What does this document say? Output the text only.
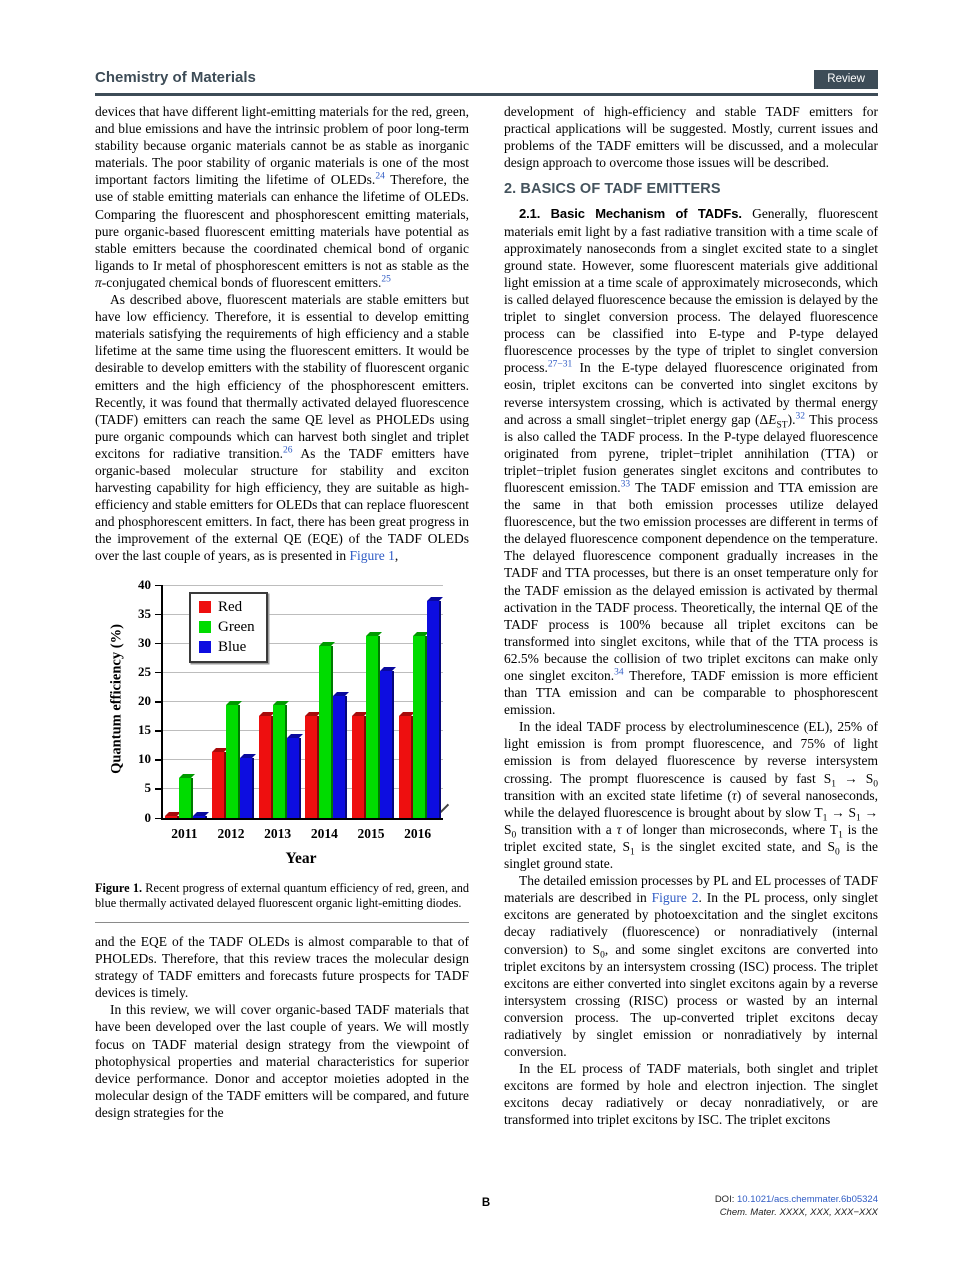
Chemistry of Materials	Review

devices that have different light-emitting materials for the red, green, and blue emissions and have the intrinsic problem of poor long-term stability because organic materials cannot be as stable as inorganic materials. The poor stability of organic materials is one of the most important factors limiting the lifetime of OLEDs.$^{24}$ Therefore, the use of stable emitting materials can enhance the lifetime of OLEDs. Comparing the fluorescent and phosphorescent emitting materials, pure organic-based fluorescent emitting materials have potential as stable emitters because the coordinated chemical bond of organic ligands to Ir metal of phosphorescent emitters is not as stable as the π-conjugated chemical bonds of fluorescent emitters.$^{25}$

As described above, fluorescent materials are stable emitters but have low efficiency. Therefore, it is essential to develop emitting materials satisfying the requirements of high efficiency and a stable lifetime at the same time using the fluorescent emitters. It would be desirable to develop emitters with the stability of fluorescent organic emitters and the high efficiency of the phosphorescent emitters. Recently, it was found that thermally activated delayed fluorescence (TADF) emitters can reach the same QE level as PHOLEDs using pure organic compounds which can harvest both singlet and triplet excitons for radiative transition.$^{26}$ As the TADF emitters have organic-based molecular structure for stability and exciton harvesting capability for high efficiency, they are suitable as high-efficiency and stable emitters for OLEDs that can replace fluorescent and phosphorescent emitters. In fact, there has been great progress in the improvement of the external QE (EQE) of the TADF OLEDs over the last couple of years, as is presented in Figure 1,

Quantum efficiency (%)
0
5
10
15
20
25
30
35
40
2011 2012 2013 2014 2015 2016
Year
Red
Green
Blue
Figure 1. Recent progress of external quantum efficiency of red, green, and blue thermally activated delayed fluorescent organic light-emitting diodes.

and the EQE of the TADF OLEDs is almost comparable to that of PHOLEDs. Therefore, that this review traces the molecular design strategy of TADF emitters and forecasts future prospects for TADF devices is timely.

In this review, we will cover organic-based TADF materials that have been developed over the last couple of years. We will mostly focus on TADF material design strategy from the viewpoint of photophysical properties and material characteristics for superior device performance. Donor and acceptor moieties adopted in the molecular design of the TADF emitters will be compared, and future design strategies for the

development of high-efficiency and stable TADF emitters for practical applications will be suggested. Mostly, current issues and problems of the TADF emitters will be discussed, and a molecular design approach to overcome those issues will be described.

2. BASICS OF TADF EMITTERS

2.1. Basic Mechanism of TADFs. Generally, fluorescent materials emit light by a fast radiative transition with a time scale of approximately nanoseconds from a singlet excited state to a singlet ground state. However, some fluorescent materials give additional light emission at a time scale of approximately microseconds, which is called delayed fluorescence because the emission is delayed by the triplet to singlet conversion process. The delayed fluorescence process can be classified into E-type and P-type delayed fluorescence processes by the type of triplet to singlet conversion process.$^{27-31}$ In the E-type delayed fluorescence originated from eosin, triplet excitons can be converted into singlet excitons by reverse intersystem crossing, which is activated by thermal energy and across a small singlet−triplet energy gap $(\Delta E_{ST}).^{32}$ This process is also called the TADF process. In the P-type delayed fluorescence originated from pyrene, triplet−triplet annihilation (TTA) or triplet−triplet fusion generates singlet excitons and contributes to fluorescent emission.$^{33}$ The TADF emission and TTA emission are the same in that both emission processes utilize delayed fluorescence, but the two emission processes are different in terms of the delayed fluorescence component dependence on the temperature. The delayed fluorescence component gradually increases in the TADF and TTA processes, but there is an onset temperature only for the TADF emission as the delayed emission is activated by thermal activation in the TADF process. Theoretically, the internal QE of the TADF process is 100% because all triplet excitons can be transformed into singlet excitons, while that of the TTA process is 62.5% because the collision of two triplet excitons can make only one singlet exciton.$^{34}$ Therefore, TADF emission is more efficient than TTA emission and can be comparable to phosphorescent emission.

In the ideal TADF process by electroluminescence (EL), 25% of light emission is from prompt fluorescence, and 75% of light emission is from delayed fluorescence by reverse intersystem crossing. The prompt fluorescence is caused by fast $S_1 \to S_0$ transition with an excited state lifetime (τ) of several nanoseconds, while the delayed fluorescence is brought about by slow $T_1 \to S_1 \to S_0$ transition with a τ of longer than microseconds, where $T_1$ is the triplet excited state, $S_1$ is the singlet excited state, and $S_0$ is the singlet ground state.

The detailed emission processes by PL and EL processes of TADF materials are described in Figure 2. In the PL process, only singlet excitons are generated by photoexcitation and the singlet excitons decay radiatively (fluorescence) or nonradiatively (internal conversion) to $S_0$, and some singlet excitons are converted into triplet excitons by an intersystem crossing (ISC) process. The triplet excitons are either converted into singlet excitons again by a reverse intersystem crossing (RISC) process or wasted by an internal conversion process. The up-converted triplet excitons decay radiatively by singlet emission or nonradiatively by internal conversion.

In the EL process of TADF materials, both singlet and triplet excitons are formed by hole and electron injection. The singlet excitons decay radiatively or decay nonradiatively, or are transformed into triplet excitons by ISC. The triplet excitons

B	DOI: 10.1021/acs.chemmater.6b05324
Chem. Mater. XXXX, XXX, XXX−XXX
